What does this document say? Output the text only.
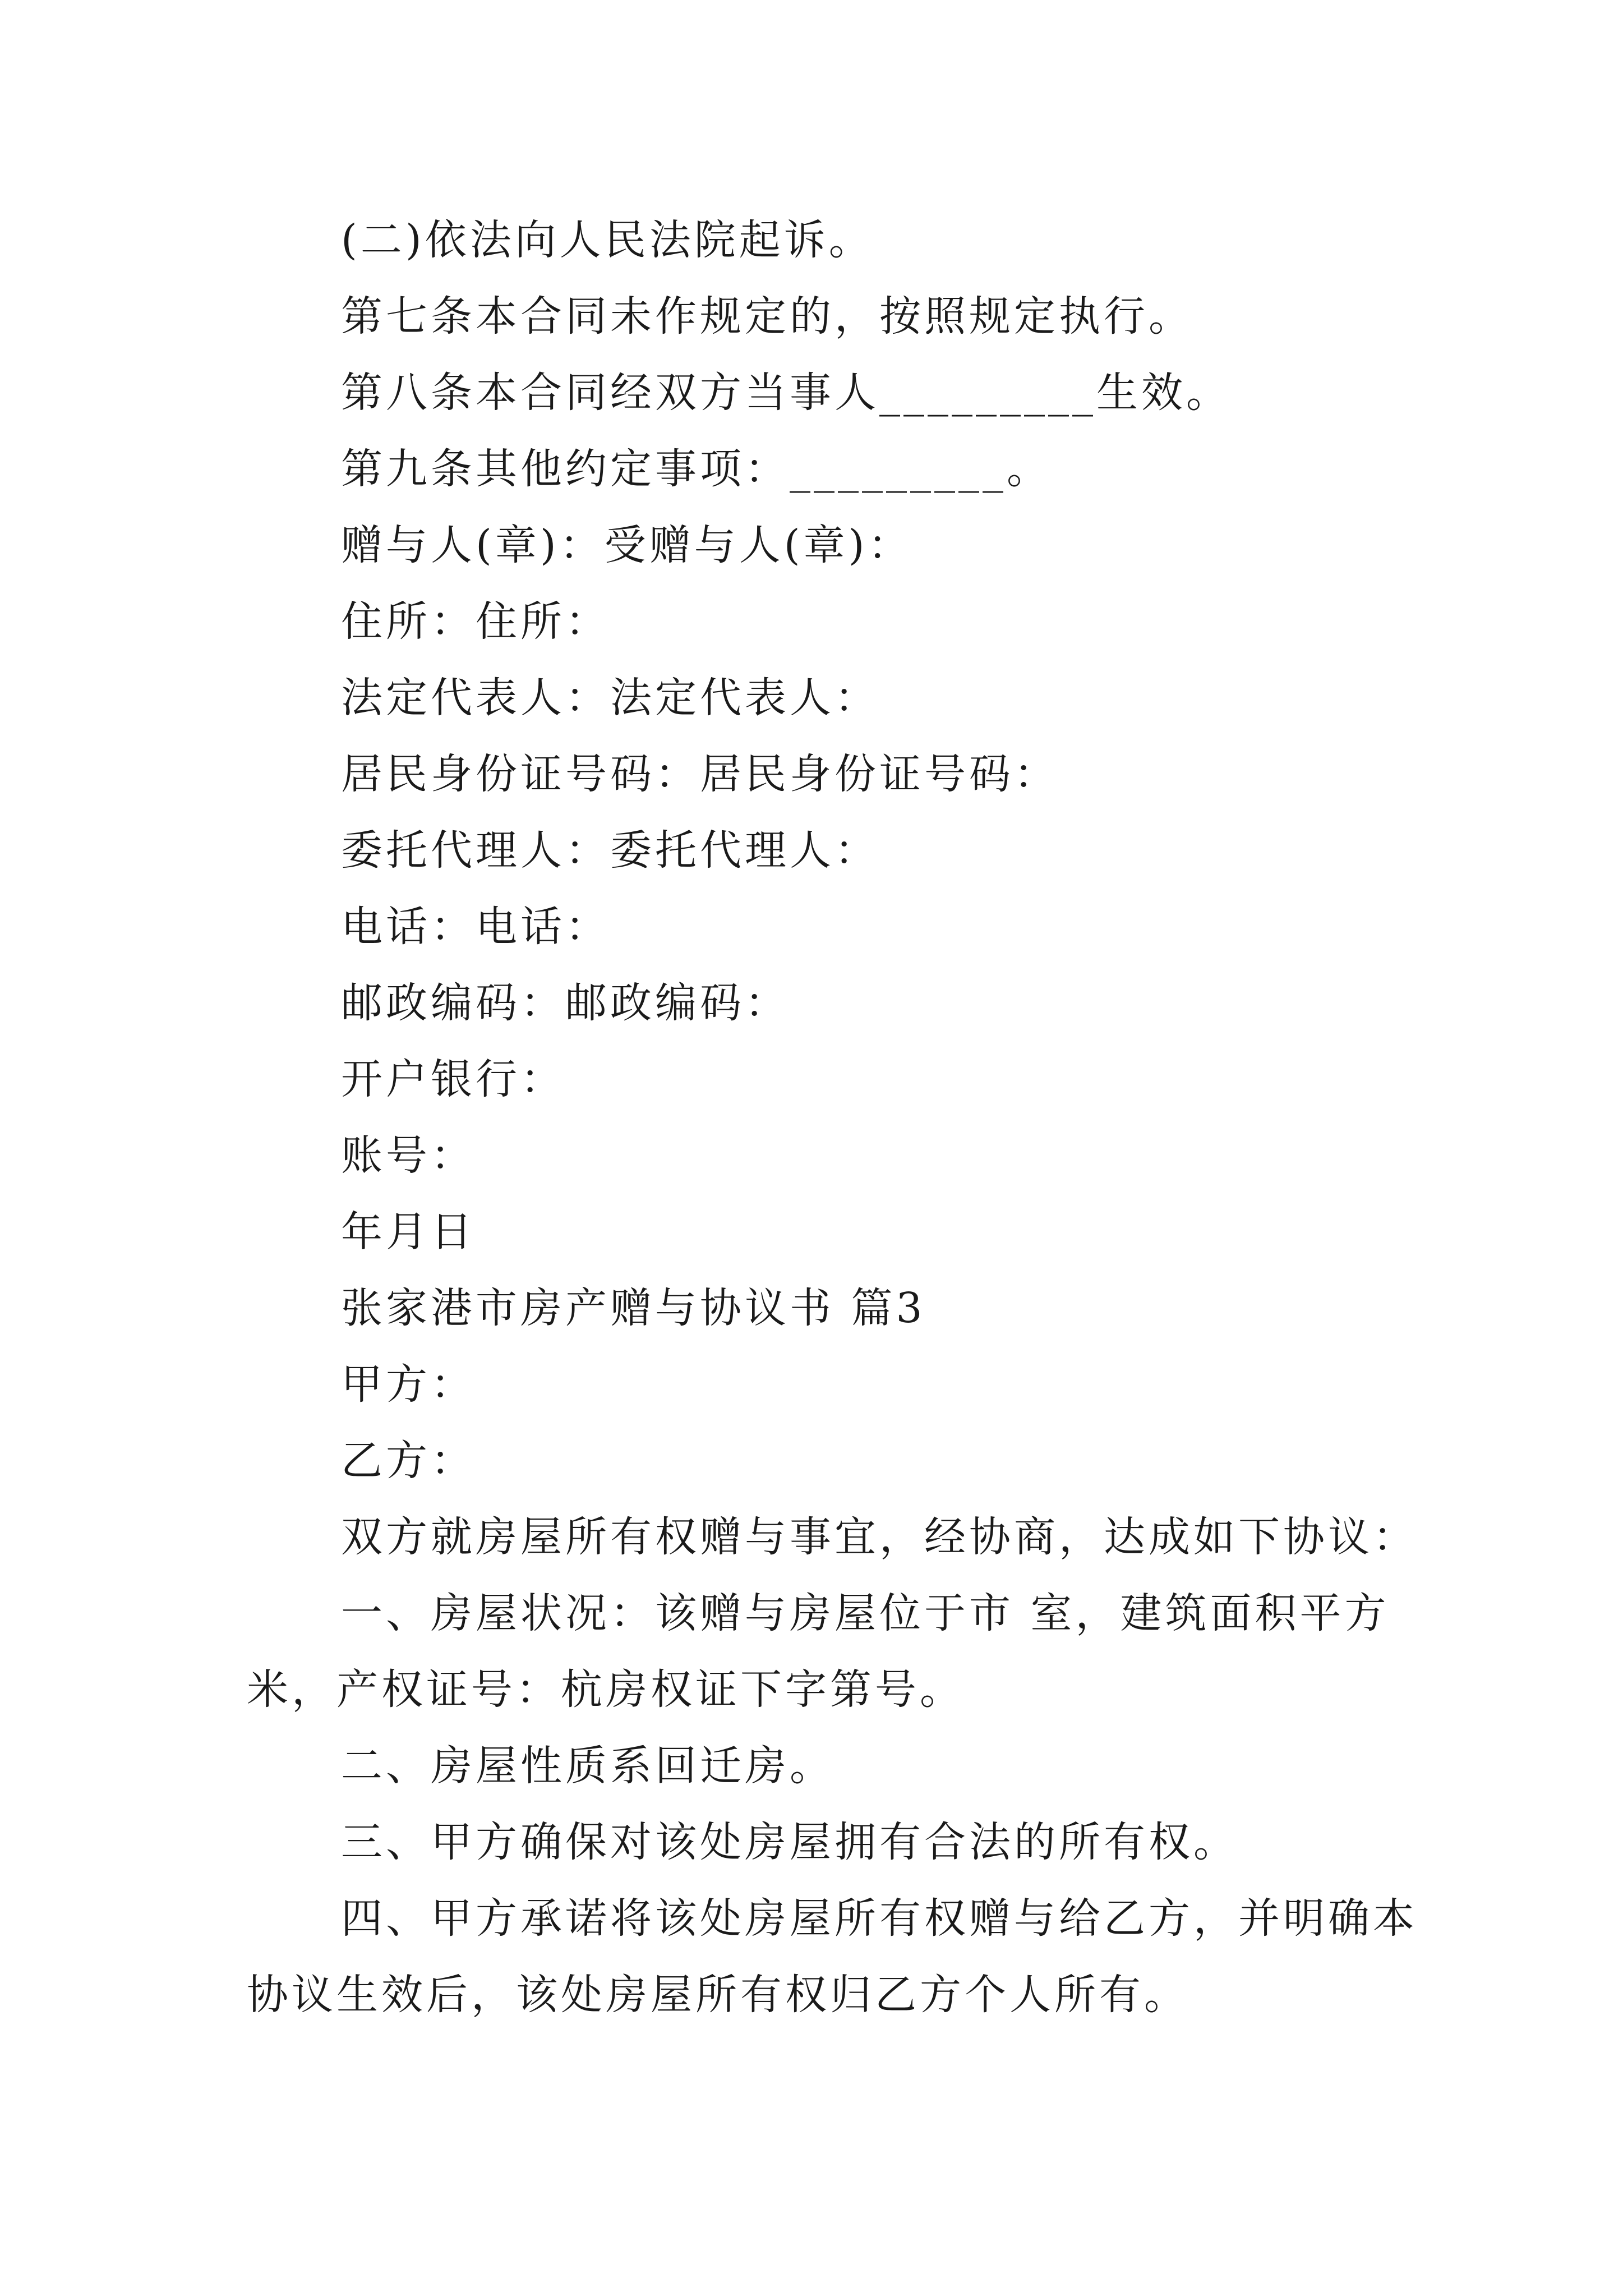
(二)依法向人民法院起诉。
第七条本合同未作规定的，按照规定执行。
第八条本合同经双方当事人_________生效。
第九条其他约定事项：_________。
赠与人(章)：受赠与人(章)：
住所：住所：
法定代表人：法定代表人：
居民身份证号码：居民身份证号码：
委托代理人：委托代理人：
电话：电话：
邮政编码：邮政编码：
开户银行：
账号：
年月日
张家港市房产赠与协议书 篇3
甲方：
乙方：
双方就房屋所有权赠与事宜，经协商，达成如下协议：
一、房屋状况：该赠与房屋位于市 室，建筑面积平方
米，产权证号：杭房权证下字第号。
二、房屋性质系回迁房。
三、甲方确保对该处房屋拥有合法的所有权。
四、甲方承诺将该处房屋所有权赠与给乙方，并明确本
协议生效后，该处房屋所有权归乙方个人所有。
